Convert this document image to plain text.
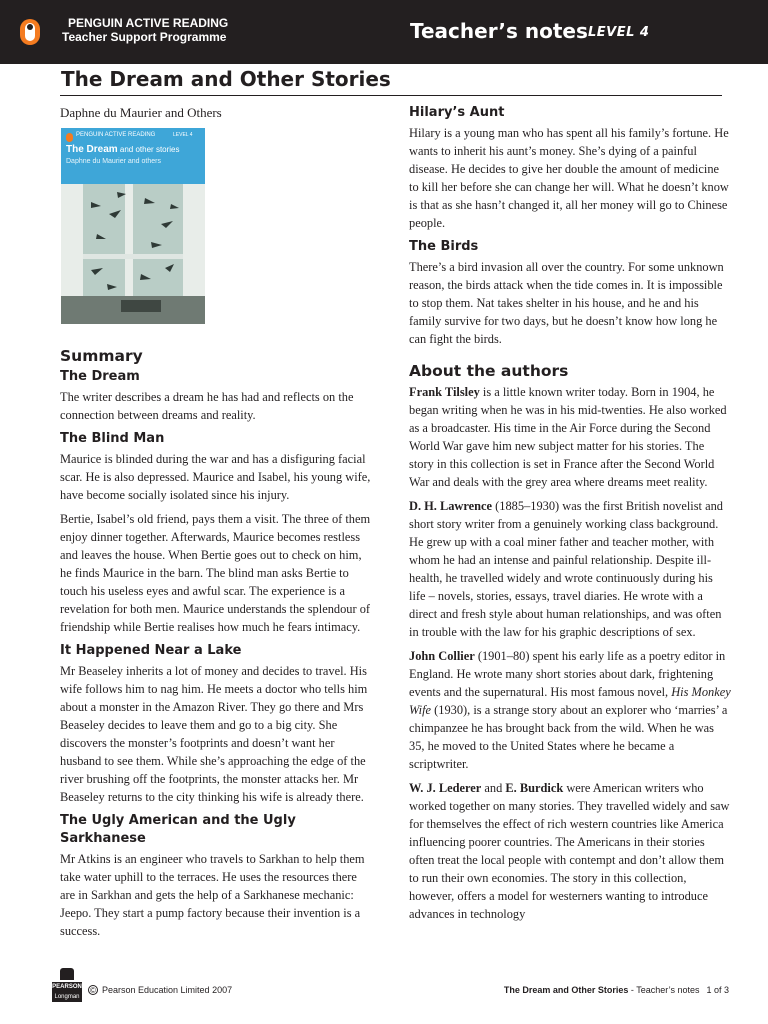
PENGUIN ACTIVE READING
Teacher Support Programme	Teacher’s notes LEVEL 4
The Dream and Other Stories

Daphne du Maurier and Others

PENGUIN ACTIVE READING	LEVEL 4
The Dream and other stories
Daphne du Maurier and others
Summary
The Dream

The writer describes a dream he has had and reflects on the connection between dreams and reality.

The Blind Man

Maurice is blinded during the war and has a disfiguring facial scar. He is also depressed. Maurice and Isabel, his young wife, have become socially isolated since his injury.

Bertie, Isabel’s old friend, pays them a visit. The three of them enjoy dinner together. Afterwards, Maurice becomes restless and leaves the house. When Bertie goes out to check on him, he finds Maurice in the barn. The blind man asks Bertie to touch his useless eyes and awful scar. The experience is a revelation for both men. Maurice understands the splendour of friendship while Bertie realises how much he fears intimacy.

It Happened Near a Lake

Mr Beaseley inherits a lot of money and decides to travel. His wife follows him to nag him. He meets a doctor who tells him about a monster in the Amazon River. They go there and Mrs Beaseley decides to leave them and go to a big city. She discovers the monster’s footprints and doesn’t want her husband to see them. While she’s approaching the edge of the river brushing off the footprints, the monster attacks her. Mr Beaseley returns to the city thinking his wife is already there.

The Ugly American and the Ugly Sarkhanese

Mr Atkins is an engineer who travels to Sarkhan to help them take water uphill to the terraces. He uses the resources there are in Sarkhan and gets the help of a Sarkhanese mechanic: Jeepo. They start a pump factory because their invention is a success.

Hilary’s Aunt

Hilary is a young man who has spent all his family’s fortune. He wants to inherit his aunt’s money. She’s dying of a painful disease. He decides to give her double the amount of medicine to kill her before she can change her will. What he doesn’t know is that as she hasn’t changed it, all her money will go to Chinese people.

The Birds

There’s a bird invasion all over the country. For some unknown reason, the birds attack when the tide comes in. It is impossible to stop them. Nat takes shelter in his house, and he and his family survive for two days, but he doesn’t know how long he can fight the birds.

About the authors

Frank Tilsley is a little known writer today. Born in 1904, he began writing when he was in his mid-twenties. He also worked as a broadcaster. His time in the Air Force during the Second World War gave him new subject matter for his stories. The story in this collection is set in France after the Second World War and deals with the grey area where dreams meet reality.

D. H. Lawrence (1885–1930) was the first British novelist and short story writer from a genuinely working class background. He grew up with a coal miner father and teacher mother, with whom he had an intense and painful relationship. Despite ill-health, he travelled widely and wrote continuously during his life – novels, stories, essays, travel diaries. He wrote with a direct and fresh style about human relationships, and was often in trouble with the law for his graphic descriptions of sex.

John Collier (1901–80) spent his early life as a poetry editor in England. He wrote many short stories about dark, frightening events and the supernatural. His most famous novel, His Monkey Wife (1930), is a strange story about an explorer who ‘marries’ a chimpanzee he has brought back from the wild. When he was 35, he moved to the United States where he became a scriptwriter.

W. J. Lederer and E. Burdick were American writers who worked together on many stories. They travelled widely and saw for themselves the effect of rich western countries like America influencing poorer countries. The Americans in their stories often treat the local people with contempt and don’t allow them to run their own economies. The story in this collection, however, offers a model for westerners wanting to introduce advances in technology

PEARSON
Longman
© Pearson Education Limited 2007	The Dream and Other Stories - Teacher’s notes 1 of 3
